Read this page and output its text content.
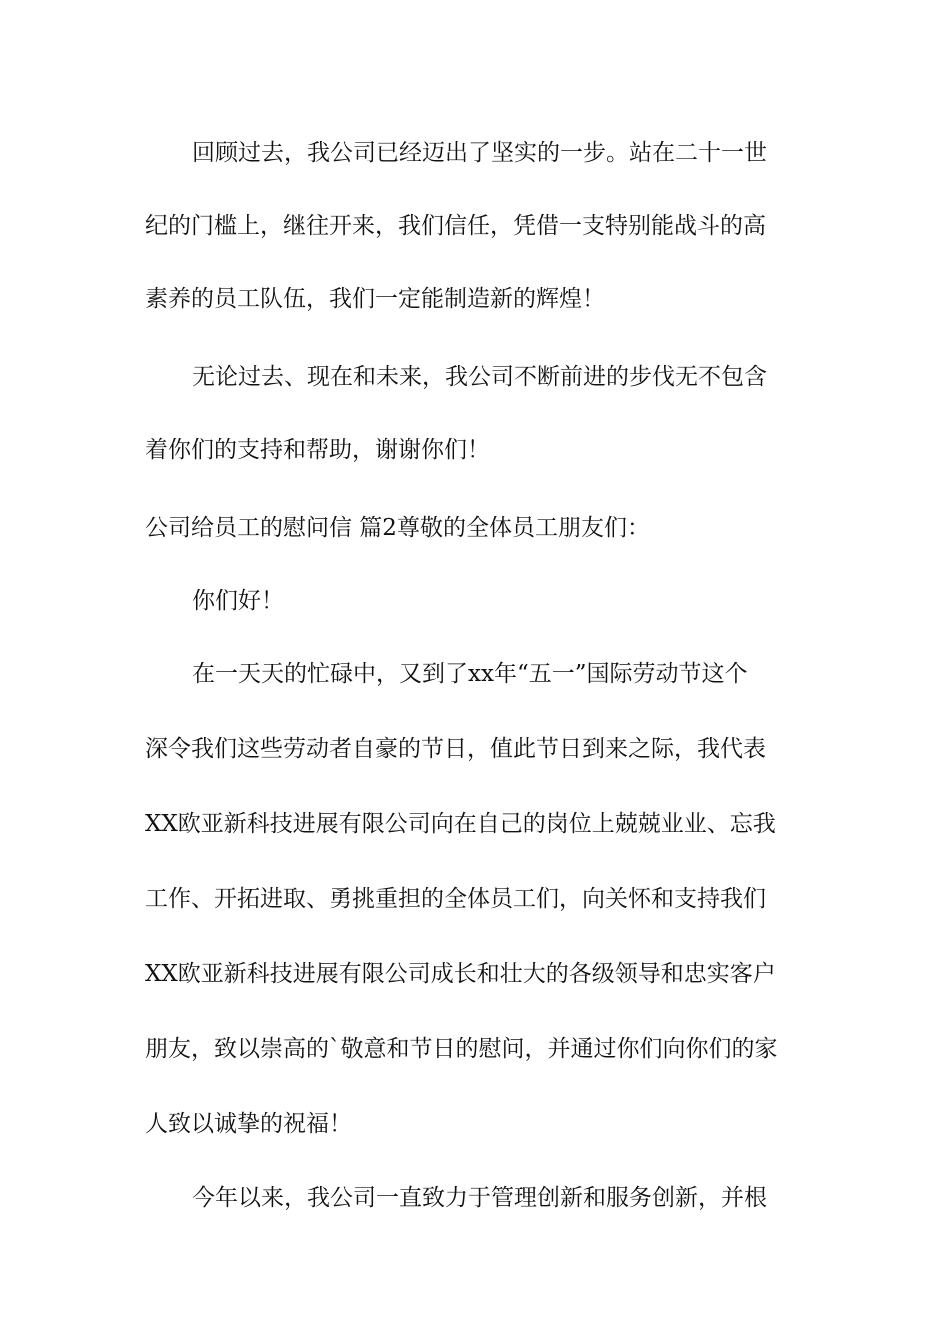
回顾过去，我公司已经迈出了坚实的一步。站在二十一世

纪的门槛上，继往开来，我们信任，凭借一支特别能战斗的高

素养的员工队伍，我们一定能制造新的辉煌！

无论过去、现在和未来，我公司不断前进的步伐无不包含

着你们的支持和帮助，谢谢你们！

公司给员工的慰问信 篇2尊敬的全体员工朋友们：

你们好！

在一天天的忙碌中，又到了xx年“五一”国际劳动节这个

深令我们这些劳动者自豪的节日，值此节日到来之际，我代表

XX欧亚新科技进展有限公司向在自己的岗位上兢兢业业、忘我

工作、开拓进取、勇挑重担的全体员工们，向关怀和支持我们

XX欧亚新科技进展有限公司成长和壮大的各级领导和忠实客户

朋友，致以崇高的`敬意和节日的慰问，并通过你们向你们的家

人致以诚挚的祝福！

今年以来，我公司一直致力于管理创新和服务创新，并根
